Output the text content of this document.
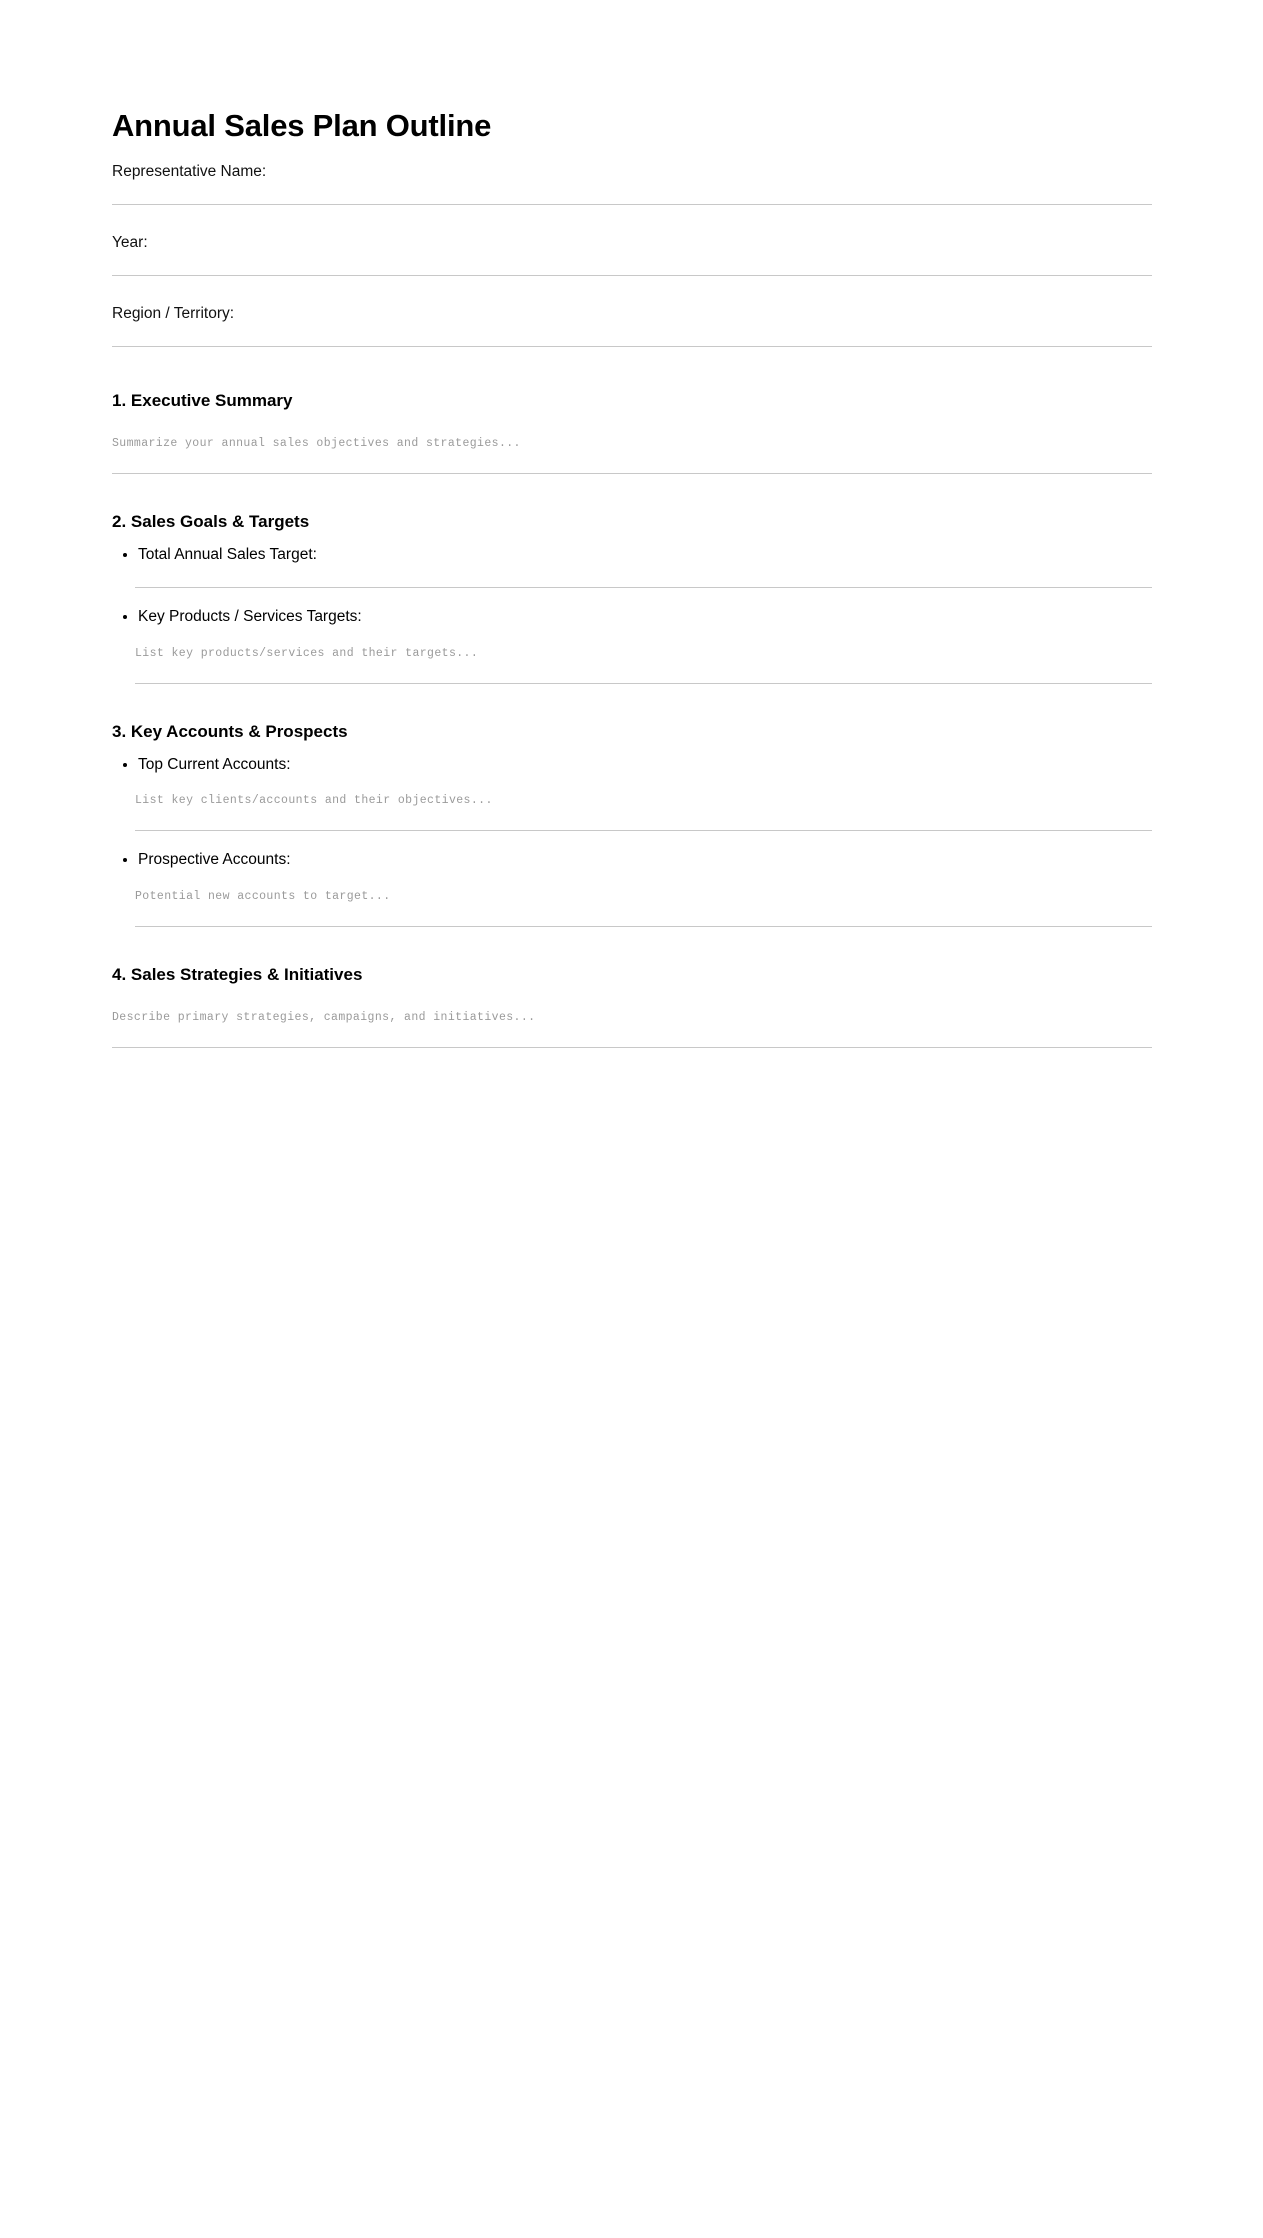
Annual Sales Plan Outline
Representative Name:
Year:
Region / Territory:
1. Executive Summary
Summarize your annual sales objectives and strategies...
2. Sales Goals & Targets
• Total Annual Sales Target:
• Key Products / Services Targets:
List key products/services and their targets...
3. Key Accounts & Prospects
• Top Current Accounts:
List key clients/accounts and their objectives...
• Prospective Accounts:
Potential new accounts to target...
4. Sales Strategies & Initiatives
Describe primary strategies, campaigns, and initiatives...
